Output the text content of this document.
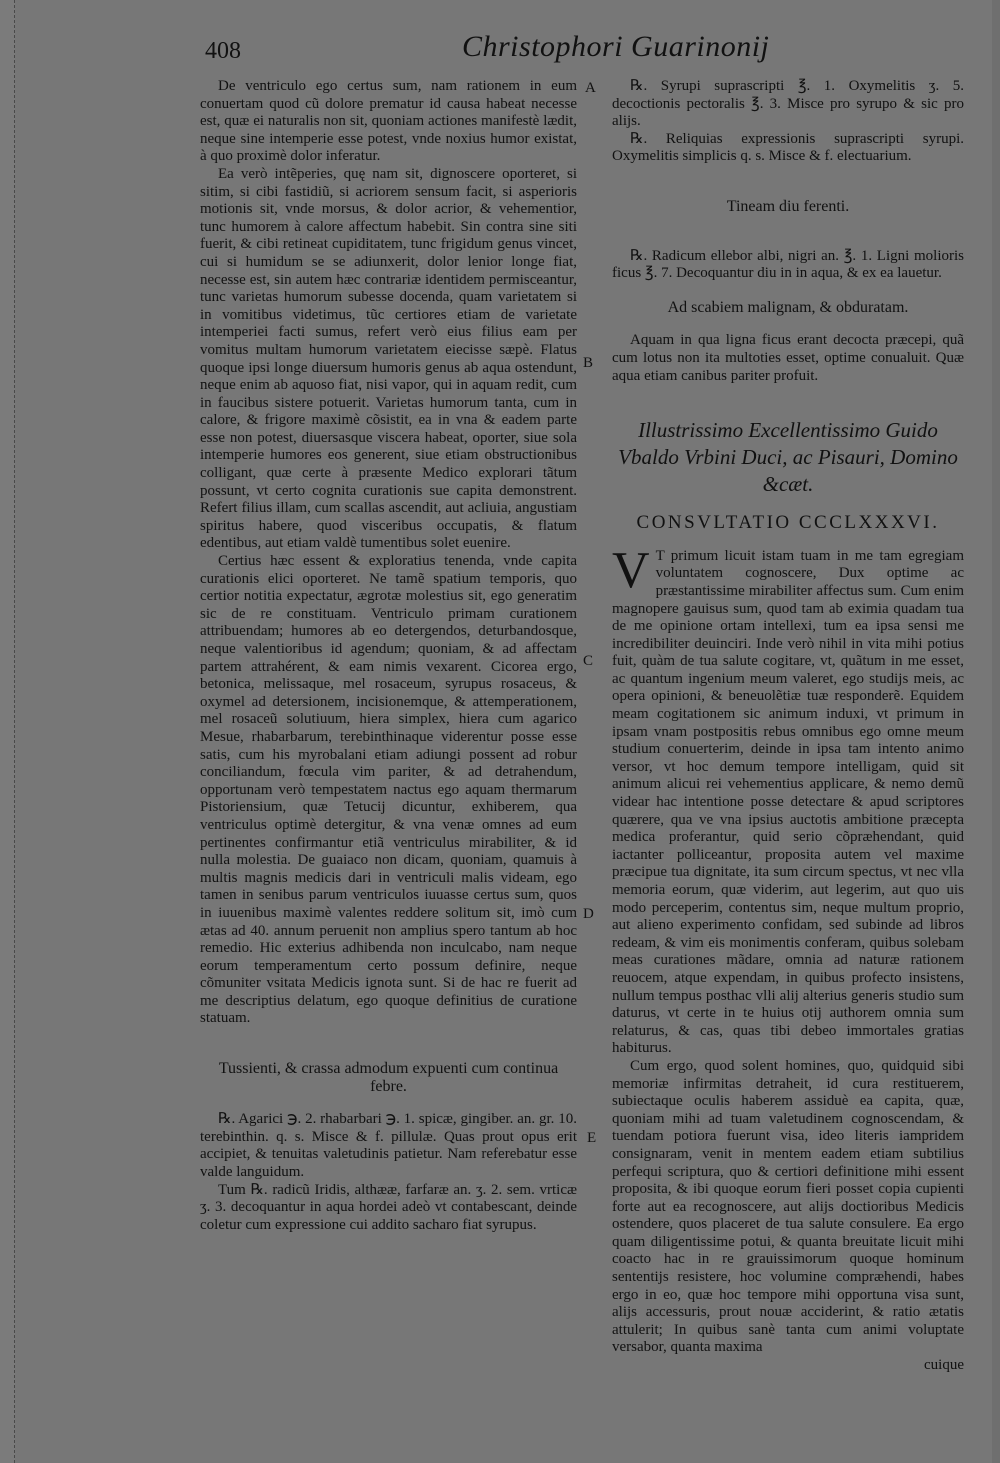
408	Christophori Guarinonij
A
B
C
D
E

De ventriculo ego certus sum, nam rationem in eum conuertam quod cũ dolore prematur id causa habeat necesse est, quæ ei naturalis non sit, quoniam actiones manifestè lædit, neque sine intemperie esse potest, vnde noxius humor existat, à quo proximè dolor inferatur.

Ea verò intẽperies, quę nam sit, dignoscere oporteret, si sitim, si cibi fastidiũ, si acriorem sensum facit, si asperioris motionis sit, vnde morsus, & dolor acrior, & vehementior, tunc humorem à calore affectum habebit. Sin contra sine siti fuerit, & cibi retineat cupiditatem, tunc frigidum genus vincet, cui si humidum se se adiunxerit, dolor lenior longe fiat, necesse est, sin autem hæc contrariæ identidem permisceantur, tunc varietas humorum subesse docenda, quam varietatem si in vomitibus videtimus, tũc certiores etiam de varietate intemperiei facti sumus, refert verò eius filius eam per vomitus multam humorum varietatem eiecisse sæpè. Flatus quoque ipsi longe diuersum humoris genus ab aqua ostendunt, neque enim ab aquoso fiat, nisi vapor, qui in aquam redit, cum in faucibus sistere potuerit. Varietas humorum tanta, cum in calore, & frigore maximè cõsistit, ea in vna & eadem parte esse non potest, diuersasque viscera habeat, oporter, siue sola intemperie humores eos generent, siue etiam obstructionibus colligant, quæ certe à præsente Medico explorari tãtum possunt, vt certo cognita curationis sue capita demonstrent. Refert filius illam, cum scallas ascendit, aut acliuia, angustiam spiritus habere, quod visceribus occupatis, & flatum edentibus, aut etiam valdè tumentibus solet euenire.

Certius hæc essent & exploratius tenenda, vnde capita curationis elici oporteret. Ne tamẽ spatium temporis, quo certior notitia expectatur, ægrotæ molestius sit, ego generatim sic de re constituam. Ventriculo primam curationem attribuendam; humores ab eo detergendos, deturbandosque, neque valentioribus id agendum; quoniam, & ad affectam partem attrahérent, & eam nimis vexarent. Cicorea ergo, betonica, melissaque, mel rosaceum, syrupus rosaceus, & oxymel ad detersionem, incisionemque, & attemperationem, mel rosaceũ solutiuum, hiera simplex, hiera cum agarico Mesue, rhabarbarum, terebinthinaque viderentur posse esse satis, cum his myrobalani etiam adiungi possent ad robur conciliandum, fœcula vim pariter, & ad detrahendum, opportunam verò tempestatem nactus ego aquam thermarum Pistoriensium, quæ Tetucij dicuntur, exhiberem, qua ventriculus optimè detergitur, & vna venæ omnes ad eum pertinentes confirmantur etiã ventriculus mirabiliter, & id nulla molestia. De guaiaco non dicam, quoniam, quamuis à multis magnis medicis dari in ventriculi malis videam, ego tamen in senibus parum ventriculos iuuasse certus sum, quos in iuuenibus maximè valentes reddere solitum sit, imò cum ætas ad 40. annum peruenit non amplius spero tantum ab hoc remedio. Hic exterius adhibenda non inculcabo, nam neque eorum temperamentum certo possum definire, neque cõmuniter vsitata Medicis ignota sunt. Si de hac re fuerit ad me descriptius delatum, ego quoque definitius de curatione statuam.

Tussienti, & crassa admodum expuenti cum continua febre.

℞. Agarici ℈. 2. rhabarbari ℈. 1. spicæ, gingiber. an. gr. 10. terebinthin. q. s. Misce & f. pillulæ. Quas prout opus erit accipiet, & tenuitas valetudinis patietur. Nam referebatur esse valde languidum.

Tum ℞. radicũ Iridis, althææ, farfaræ an. ʒ. 2. sem. vrticæ ʒ. 3. decoquantur in aqua hordei adeò vt contabescant, deinde coletur cum expressione cui addito sacharo fiat syrupus.

℞. Syrupi suprascripti ℥. 1. Oxymelitis ʒ. 5. decoctionis pectoralis ℥. 3. Misce pro syrupo & sic pro alijs.

℞. Reliquias expressionis suprascripti syrupi. Oxymelitis simplicis q. s. Misce & f. electuarium.

Tineam diu ferenti.

℞. Radicum ellebor albi, nigri an. ℥. 1. Ligni molioris ficus ℥. 7. Decoquantur diu in in aqua, & ex ea lauetur.

Ad scabiem malignam, & obduratam.

Aquam in qua ligna ficus erant decocta præcepi, quã cum lotus non ita multoties esset, optime conualuit. Quæ aqua etiam canibus pariter profuit.

Illustrissimo Excellentissimo Guido Vbaldo Vrbini Duci, ac Pisauri, Domino &cæt.

CONSVLTATIO CCCLXXXVI.

V T primum licuit istam tuam in me tam egregiam voluntatem cognoscere, Dux optime ac præstantissime mirabiliter affectus sum. Cum enim magnopere gauisus sum, quod tam ab eximia quadam tua de me opinione ortam intellexi, tum ea ipsa sensi me incredibiliter deuinciri. Inde verò nihil in vita mihi potius fuit, quàm de tua salute cogitare, vt, quãtum in me esset, ac quantum ingenium meum valeret, ego studijs meis, ac opera opinioni, & beneuolẽtiæ tuæ responderẽ. Equidem meam cogitationem sic animum induxi, vt primum in ipsam vnam postpositis rebus omnibus ego omne meum studium conuerterim, deinde in ipsa tam intento animo versor, vt hoc demum tempore intelligam, quid sit animum alicui rei vehementius applicare, & nemo demũ videar hac intentione posse detectare & apud scriptores quærere, qua ve vna ipsius auctotis ambitione præcepta medica proferantur, quid serio cõpræhendant, quid iactanter polliceantur, proposita autem vel maxime præcipue tua dignitate, ita sum circum spectus, vt nec vlla memoria eorum, quæ viderim, aut legerim, aut quo uis modo perceperim, contentus sim, neque multum proprio, aut alieno experimento confidam, sed subinde ad libros redeam, & vim eis monimentis conferam, quibus solebam meas curationes mãdare, omnia ad naturæ rationem reuocem, atque expendam, in quibus profecto insistens, nullum tempus posthac vlli alij alterius generis studio sum daturus, vt certe in te huius otij authorem omnia sum relaturus, & cas, quas tibi debeo immortales gratias habiturus.

Cum ergo, quod solent homines, quo, quidquid sibi memoriæ infirmitas detraheit, id cura restituerem, subiectaque oculis haberem assiduè ea capita, quæ, quoniam mihi ad tuam valetudinem cognoscendam, & tuendam potiora fuerunt visa, ideo literis iampridem consignaram, venit in mentem eadem etiam subtilius perfequi scriptura, quo & certiori definitione mihi essent proposita, & ibi quoque eorum fieri posset copia cupienti forte aut ea recognoscere, aut alijs doctioribus Medicis ostendere, quos placeret de tua salute consulere. Ea ergo quam diligentissime potui, & quanta breuitate licuit mihi coacto hac in re grauissimorum quoque hominum sententijs resistere, hoc volumine compræhendi, habes ergo in eo, quæ hoc tempore mihi opportuna visa sunt, alijs accessuris, prout nouæ acciderint, & ratio ætatis attulerit; In quibus sanè tanta cum animi voluptate versabor, quanta maxima

cuique
